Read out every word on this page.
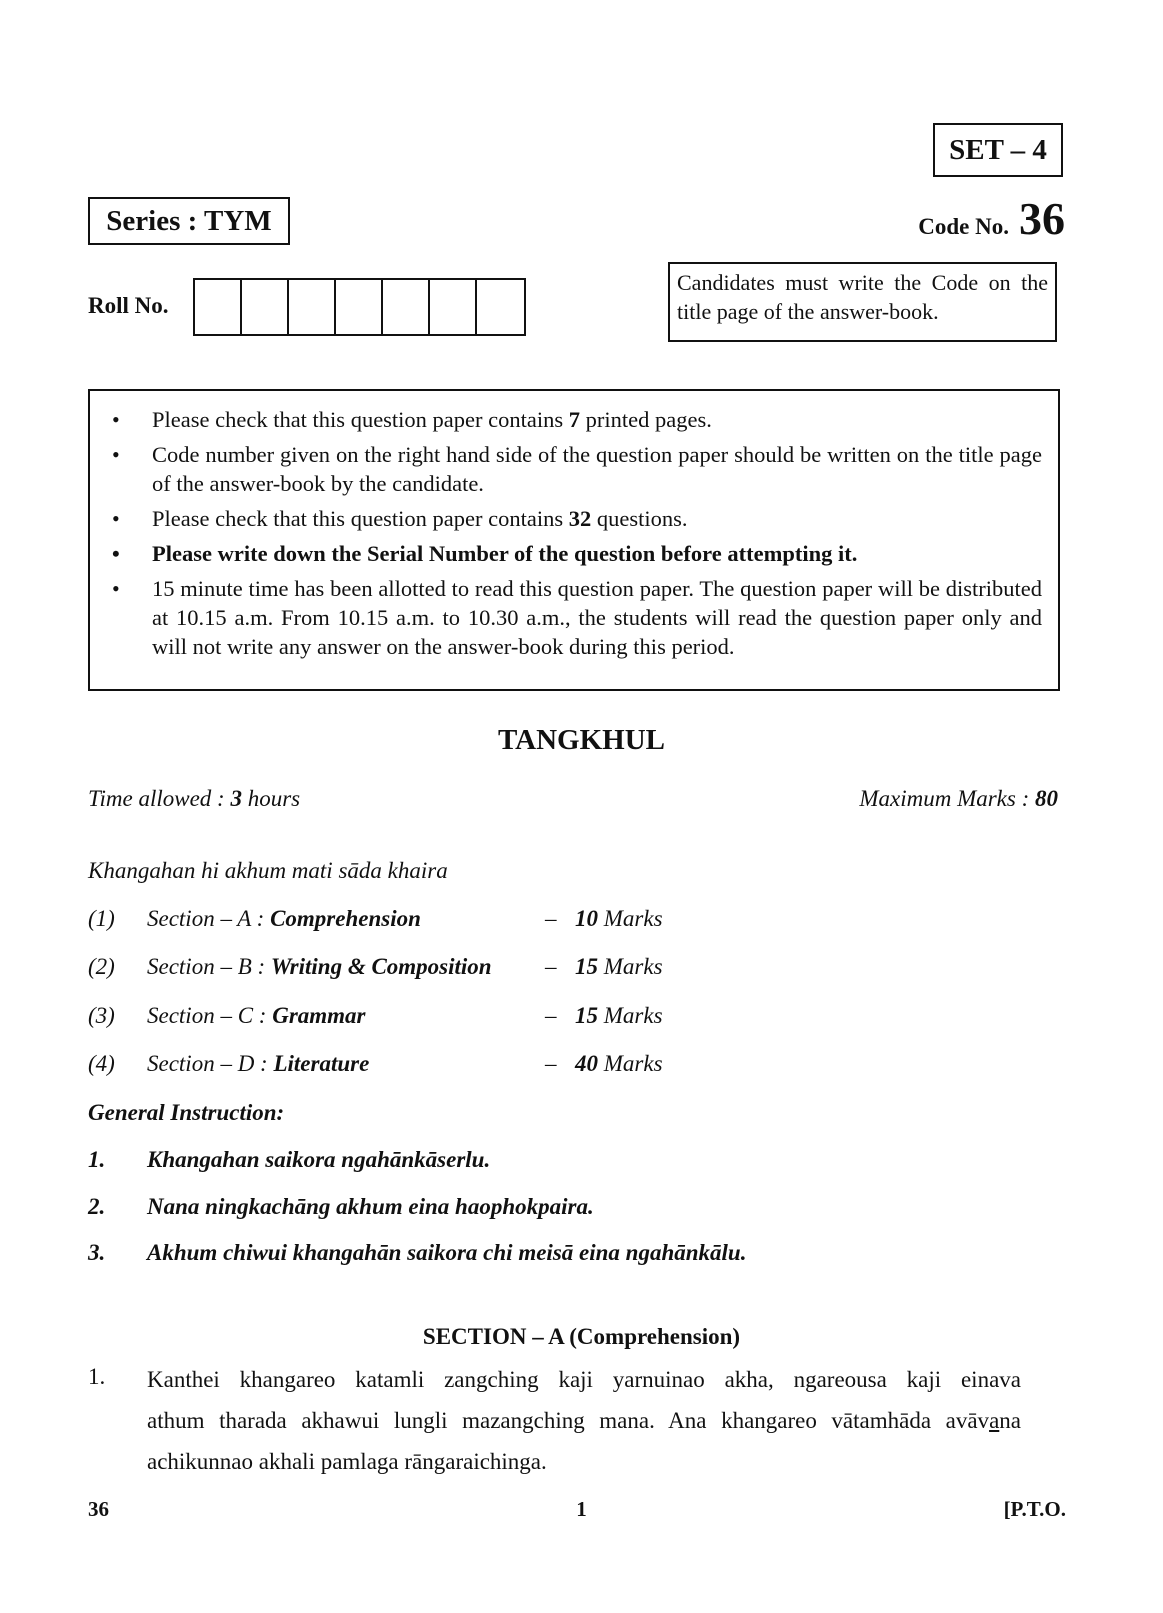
SET – 4
Series : TYM	Code No. 36
Roll No.
Candidates must write the Code on the title page of the answer-book.
• Please check that this question paper contains 7 printed pages.
• Code number given on the right hand side of the question paper should be written on the title page of the answer-book by the candidate.
• Please check that this question paper contains 32 questions.
• Please write down the Serial Number of the question before attempting it.
• 15 minute time has been allotted to read this question paper. The question paper will be distributed at 10.15 a.m. From 10.15 a.m. to 10.30 a.m., the students will read the question paper only and will not write any answer on the answer-book during this period.
TANGKHUL
Time allowed : 3 hours	Maximum Marks : 80
Khangahan hi akhum mati sāda khaira
(1) Section – A : Comprehension	– 10 Marks
(2) Section – B : Writing & Composition – 15 Marks
(3) Section – C : Grammar	– 15 Marks
(4) Section – D : Literature	– 40 Marks
General Instruction:
1. Khangahan saikora ngahānkāserlu.
2. Nana ningkachāng akhum eina haophokpaira.
3. Akhum chiwui khangahān saikora chi meisā eina ngahānkālu.
SECTION – A (Comprehension)
1. Kanthei khangareo katamli zangching kaji yarnuinao akha, ngareousa kaji einava
athum tharada akhawui lungli mazangching mana. Ana khangareo vātamhāda avāvana
achikunnao akhali pamlaga rāngaraichinga.
36	1	[P.T.O.
